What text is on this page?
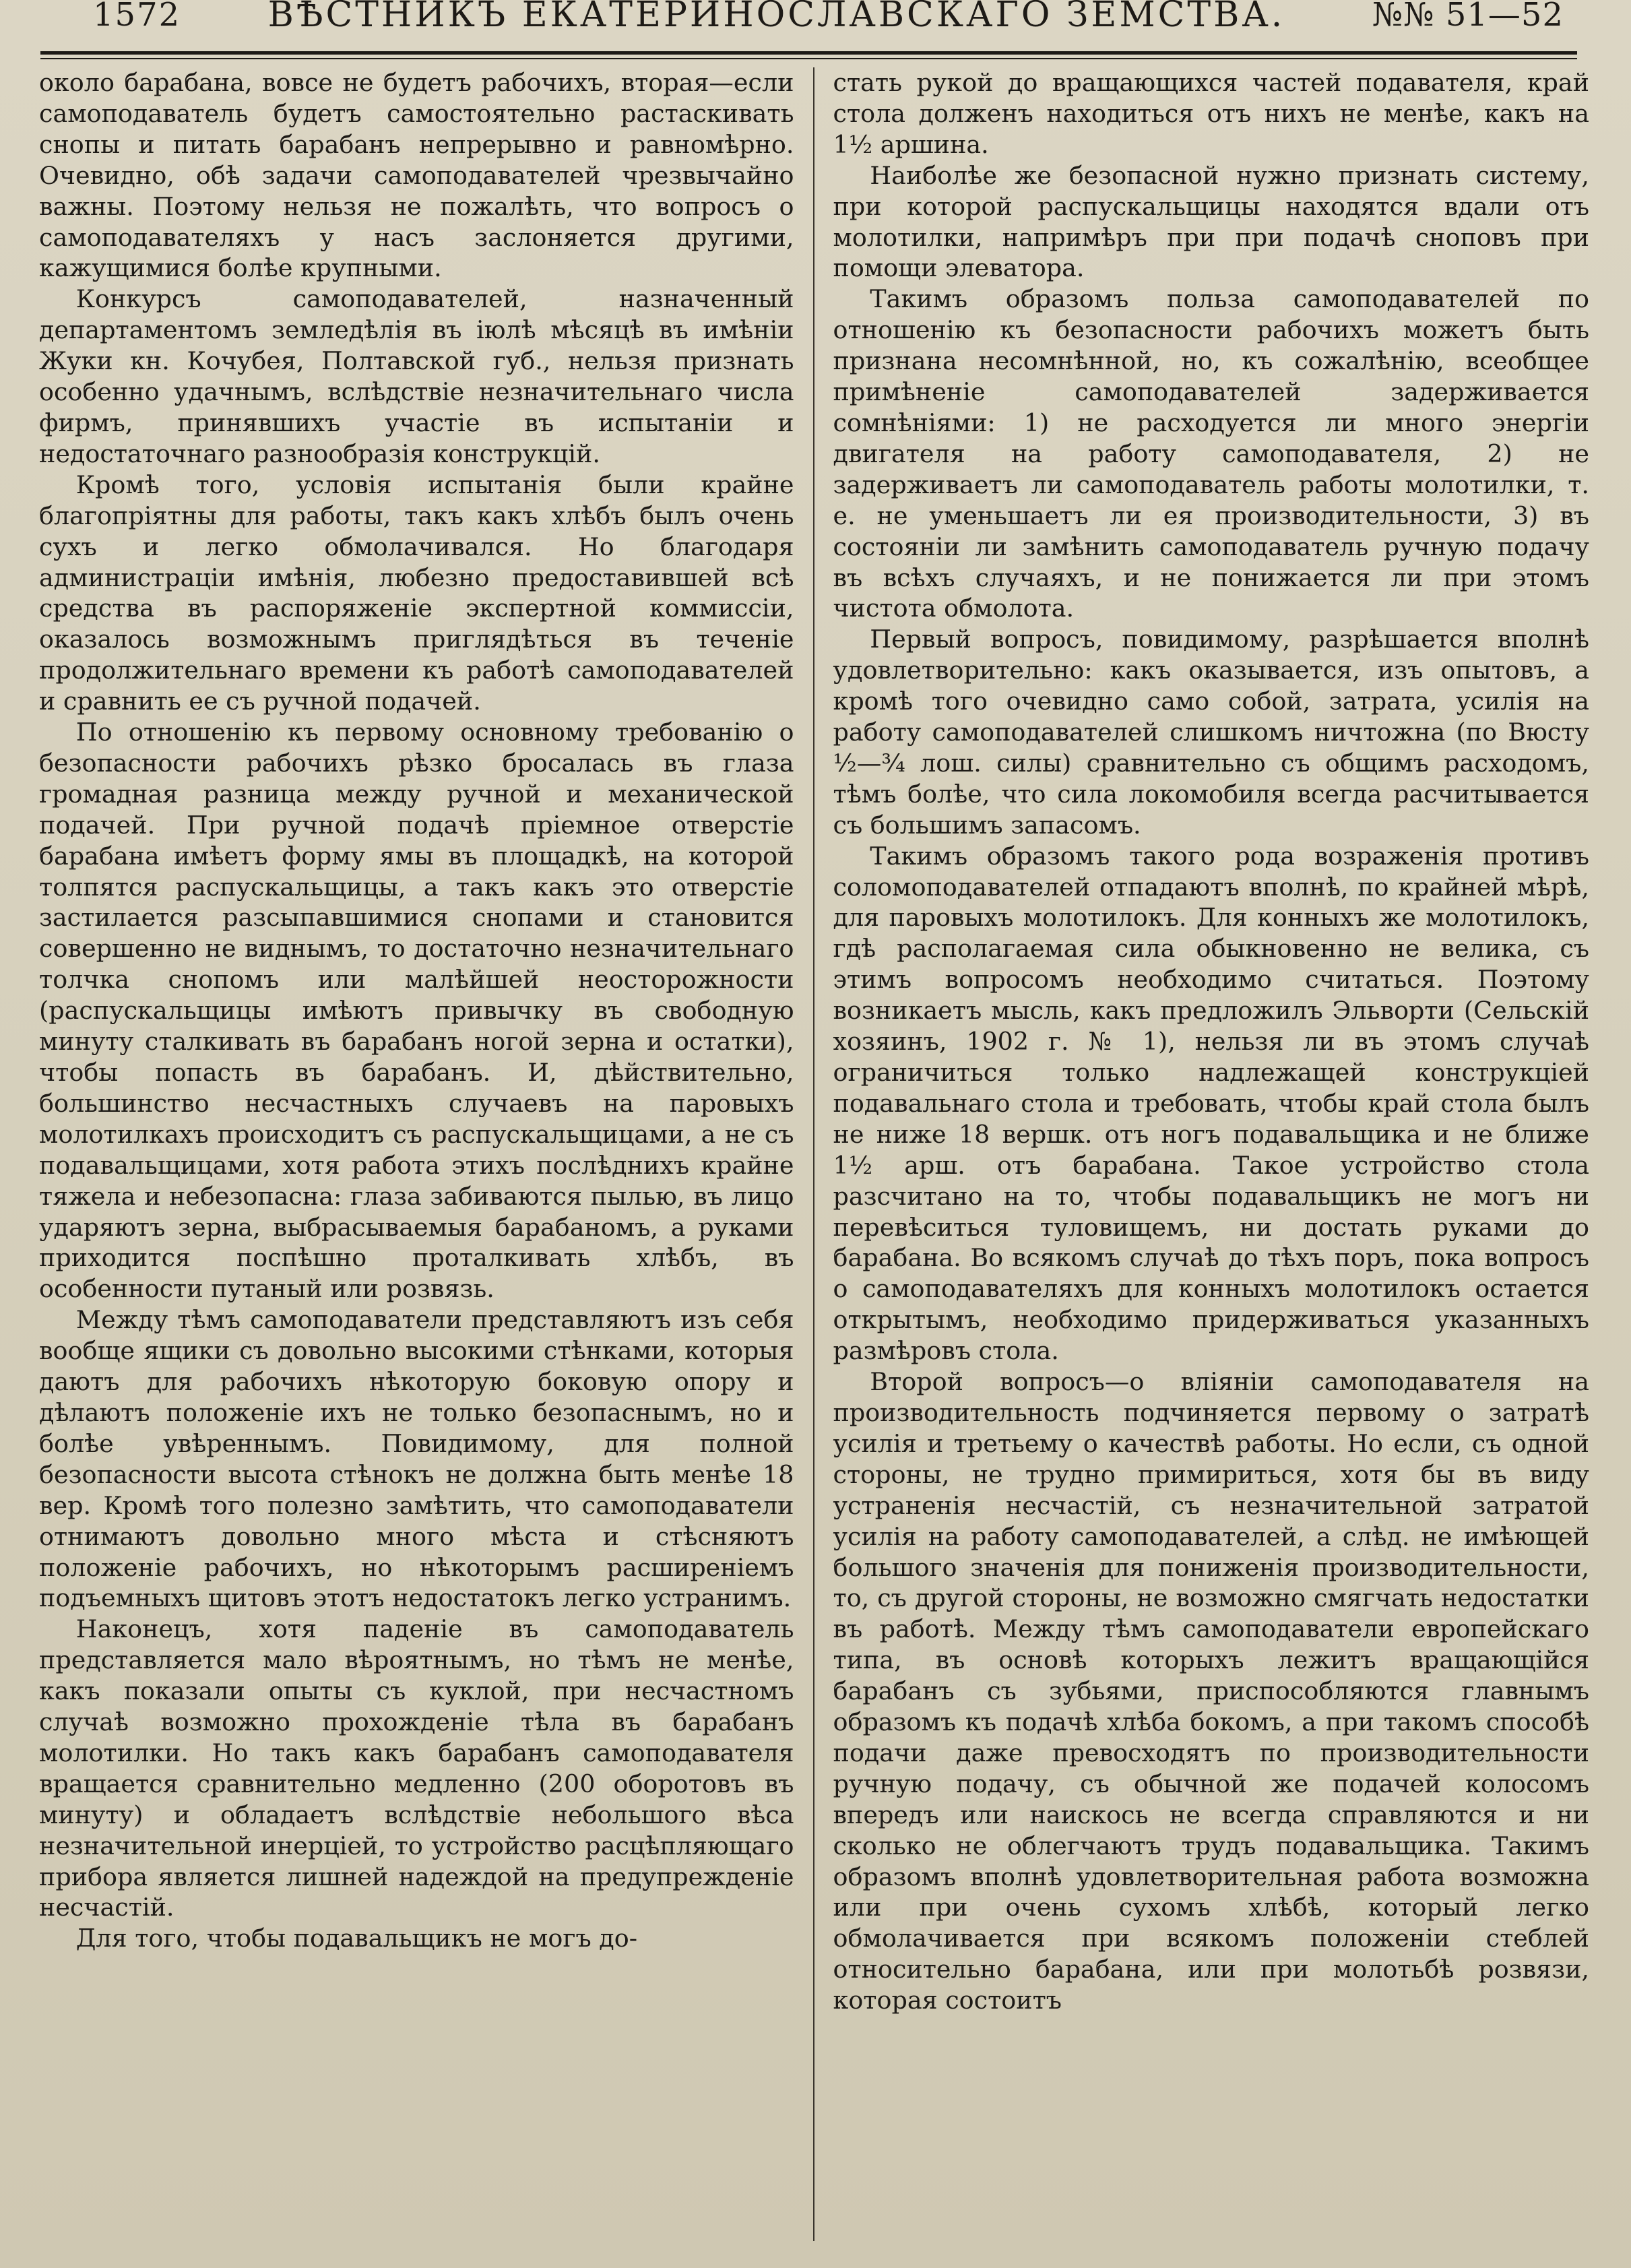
1572 ВѢСТНИКЪ ЕКАТЕРИНОСЛАВСКАГО ЗЕМСТВА.	№№ 51—52

около барабана, вовсе не будетъ рабочихъ, вторая—если самоподаватель будетъ самостоятельно растаскивать снопы и питать барабанъ непрерывно и равномѣрно. Очевидно, обѣ задачи самоподавателей чрезвычайно важны. Поэтому нельзя не пожалѣть, что вопросъ о самоподавателяхъ у насъ заслоняется другими, кажущимися болѣе крупными.

Конкурсъ самоподавателей, назначенный департаментомъ земледѣлія въ іюлѣ мѣсяцѣ въ имѣніи Жуки кн. Кочубея, Полтавской губ., нельзя признать особенно удачнымъ, вслѣдствіе незначительнаго числа фирмъ, принявшихъ участіе въ испытаніи и недостаточнаго разнообразія конструкцій.

Кромѣ того, условія испытанія были крайне благопріятны для работы, такъ какъ хлѣбъ былъ очень сухъ и легко обмолачивался. Но благодаря администраціи имѣнія, любезно предоставившей всѣ средства въ распоряженіе экспертной коммиссіи, оказалось возможнымъ приглядѣться въ теченіе продолжительнаго времени къ работѣ самоподавателей и сравнить ее съ ручной подачей.

По отношенію къ первому основному требованію о безопасности рабочихъ рѣзко бросалась въ глаза громадная разница между ручной и механической подачей. При ручной подачѣ пріемное отверстіе барабана имѣетъ форму ямы въ площадкѣ, на которой толпятся распускальщицы, а такъ какъ это отверстіе застилается разсыпавшимися снопами и становится совершенно не виднымъ, то достаточно незначительнаго толчка снопомъ или малѣйшей неосторожности (распускальщицы имѣютъ привычку въ свободную минуту сталкивать въ барабанъ ногой зерна и остатки), чтобы попасть въ барабанъ. И, дѣйствительно, большинство несчастныхъ случаевъ на паровыхъ молотилкахъ происходитъ съ распускальщицами, а не съ подавальщицами, хотя работа этихъ послѣднихъ крайне тяжела и небезопасна: глаза забиваются пылью, въ лицо ударяютъ зерна, выбрасываемыя барабаномъ, а руками приходится поспѣшно проталкивать хлѣбъ, въ особенности путаный или розвязь.

Между тѣмъ самоподаватели представляютъ изъ себя вообще ящики съ довольно высокими стѣнками, которыя даютъ для рабочихъ нѣкоторую боковую опору и дѣлаютъ положеніе ихъ не только безопаснымъ, но и болѣе увѣреннымъ. Повидимому, для полной безопасности высота стѣнокъ не должна быть менѣе 18 вер. Кромѣ того полезно замѣтить, что самоподаватели отнимаютъ довольно много мѣста и стѣсняютъ положеніе рабочихъ, но нѣкоторымъ расширеніемъ подъемныхъ щитовъ этотъ недостатокъ легко устранимъ.

Наконецъ, хотя паденіе въ самоподаватель представляется мало вѣроятнымъ, но тѣмъ не менѣе, какъ показали опыты съ куклой, при несчастномъ случаѣ возможно прохожденіе тѣла въ барабанъ молотилки. Но такъ какъ барабанъ самоподавателя вращается сравнительно медленно (200 оборотовъ въ минуту) и обладаетъ вслѣдствіе небольшого вѣса незначительной инерціей, то устройство расцѣпляющаго прибора является лишней надеждой на предупрежденіе несчастій.

Для того, чтобы подавальщикъ не могъ до-

стать рукой до вращающихся частей подавателя, край стола долженъ находиться отъ нихъ не менѣе, какъ на 1½ аршина.

Наиболѣе же безопасной нужно признать систему, при которой распускальщицы находятся вдали отъ молотилки, напримѣръ при при подачѣ сноповъ при помощи элеватора.

Такимъ образомъ польза самоподавателей по отношенію къ безопасности рабочихъ можетъ быть признана несомнѣнной, но, къ сожалѣнію, всеобщее примѣненіе самоподавателей задерживается сомнѣніями: 1) не расходуется ли много энергіи двигателя на работу самоподавателя, 2) не задерживаетъ ли самоподаватель работы молотилки, т. е. не уменьшаетъ ли ея производительности, 3) въ состояніи ли замѣнить самоподаватель ручную подачу въ всѣхъ случаяхъ, и не понижается ли при этомъ чистота обмолота.

Первый вопросъ, повидимому, разрѣшается вполнѣ удовлетворительно: какъ оказывается, изъ опытовъ, а кромѣ того очевидно само собой, затрата, усилія на работу самоподавателей слишкомъ ничтожна (по Вюсту ½—¾ лош. силы) сравнительно съ общимъ расходомъ, тѣмъ болѣе, что сила локомобиля всегда расчитывается съ большимъ запасомъ.

Такимъ образомъ такого рода возраженія противъ соломоподавателей отпадаютъ вполнѣ, по крайней мѣрѣ, для паровыхъ молотилокъ. Для конныхъ же молотилокъ, гдѣ располагаемая сила обыкновенно не велика, съ этимъ вопросомъ необходимо считаться. Поэтому возникаетъ мысль, какъ предложилъ Эльворти (Сельскій хозяинъ, 1902 г. № 1), нельзя ли въ этомъ случаѣ ограничиться только надлежащей конструкціей подавальнаго стола и требовать, чтобы край стола былъ не ниже 18 вершк. отъ ногъ подавальщика и не ближе 1½ арш. отъ барабана. Такое устройство стола разсчитано на то, чтобы подавальщикъ не могъ ни перевѣситься туловищемъ, ни достать руками до барабана. Во всякомъ случаѣ до тѣхъ поръ, пока вопросъ о самоподавателяхъ для конныхъ молотилокъ остается открытымъ, необходимо придерживаться указанныхъ размѣровъ стола.

Второй вопросъ—о вліяніи самоподавателя на производительность подчиняется первому о затратѣ усилія и третьему о качествѣ работы. Но если, съ одной стороны, не трудно примириться, хотя бы въ виду устраненія несчастій, съ незначительной затратой усилія на работу самоподавателей, а слѣд. не имѣющей большого значенія для пониженія производительности, то, съ другой стороны, не возможно смягчать недостатки въ работѣ. Между тѣмъ самоподаватели европейскаго типа, въ основѣ которыхъ лежитъ вращающійся барабанъ съ зубьями, приспособляются главнымъ образомъ къ подачѣ хлѣба бокомъ, а при такомъ способѣ подачи даже превосходятъ по производительности ручную подачу, съ обычной же подачей колосомъ впередъ или наискось не всегда справляются и ни сколько не облегчаютъ трудъ подавальщика. Такимъ образомъ вполнѣ удовлетворительная работа возможна или при очень сухомъ хлѣбѣ, который легко обмолачивается при всякомъ положеніи стеблей относительно барабана, или при молотьбѣ розвязи, которая состоитъ
